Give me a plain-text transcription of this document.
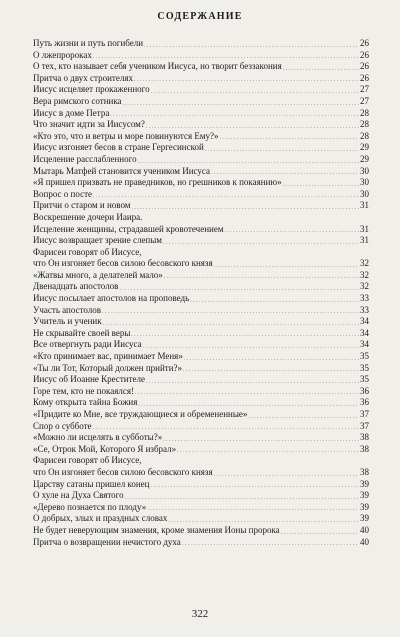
СОДЕРЖАНИЕ
Путь жизни и путь погибели . . .	26
О лжепророках . . .	26
О тех, кто называет себя учеником Иисуса, но творит беззакония . . .	26
Притча о двух строителях . . .	26
Иисус исцеляет прокаженного . . .	27
Вера римского сотника . . .	27
Иисус в доме Петра . . .	28
Что значит идти за Иисусом? . . .	28
«Кто это, что и ветры и море повинуются Ему?» . . .	28
Иисус изгоняет бесов в стране Гергесинской . . .	29
Исцеление расслабленного . . .	29
Мытарь Матфей становится учеником Иисуса . . .	30
«Я пришел призвать не праведников, но грешников к покаянию» . . .	30
Вопрос о посте . . .	30
Притчи о старом и новом . . .	31
Воскрешение дочери Иаира.
Исцеление женщины, страдавшей кровотечением . . .	31
Иисус возвращает зрение слепым . . .	31
Фарисеи говорят об Иисусе,
что Он изгоняет бесов силою бесовского князя . . .	32
«Жатвы много, а делателей мало» . . .	32
Двенадцать апостолов . . .	32
Иисус посылает апостолов на проповедь . . .	33
Участь апостолов . . .	33
Учитель и ученик . . .	34
Не скрывайте своей веры . . .	34
Все отвергнуть ради Иисуса . . .	34
«Кто принимает вас, принимает Меня» . . .	35
«Ты ли Тот, Который должен прийти?» . . .	35
Иисус об Иоанне Крестителе . . .	35
Горе тем, кто не покаялся! . . .	36
Кому открыта тайна Божия . . .	36
«Придите ко Мне, все труждающиеся и обремененные» . . .	37
Спор о субботе . . .	37
«Можно ли исцелять в субботы?» . . .	38
«Се, Отрок Мой, Которого Я избрал» . . .	38
Фарисеи говорят об Иисусе,
что Он изгоняет бесов силою бесовского князя . . .	38
Царству сатаны пришел конец . . .	39
О хуле на Духа Святого . . .	39
«Дерево познается по плоду» . . .	39
О добрых, злых и праздных словах . . .	39
Не будет неверующим знамения, кроме знамения Ионы пророка . . .	40
Притча о возвращении нечистого духа . . .	40
322
